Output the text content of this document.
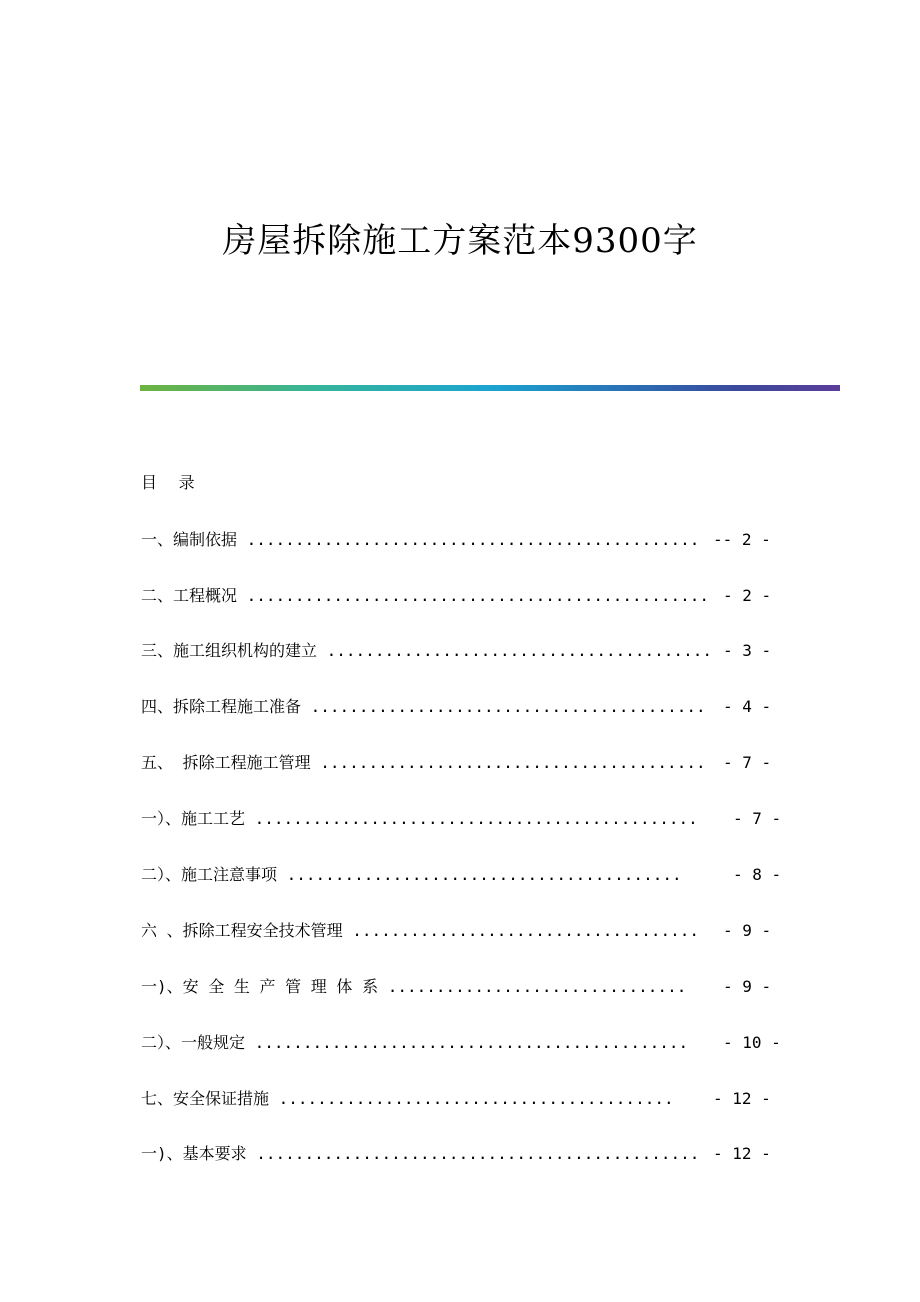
房屋拆除施工方案范本9300字
目 录
一、编制依据 ............................................... -- 2 -
二、工程概况 ................................................ - 2 -
三、施工组织机构的建立 ........................................ - 3 -
四、拆除工程施工准备 ......................................... - 4 -
五、 拆除工程施工管理 ........................................ - 7 -
一）、施工工艺 .............................................. - 7 -
二）、施工注意事项 .........................................	- 8 -
六 、拆除工程安全技术管理 .................................... - 9 -
一)、安 全 生 产 管 理 体 系 ............................... - 9 -
二）、一般规定 ............................................. - 10 -
七、安全保证措施 ......................................... - 12 -
一)、基本要求 .............................................. - 12 -
